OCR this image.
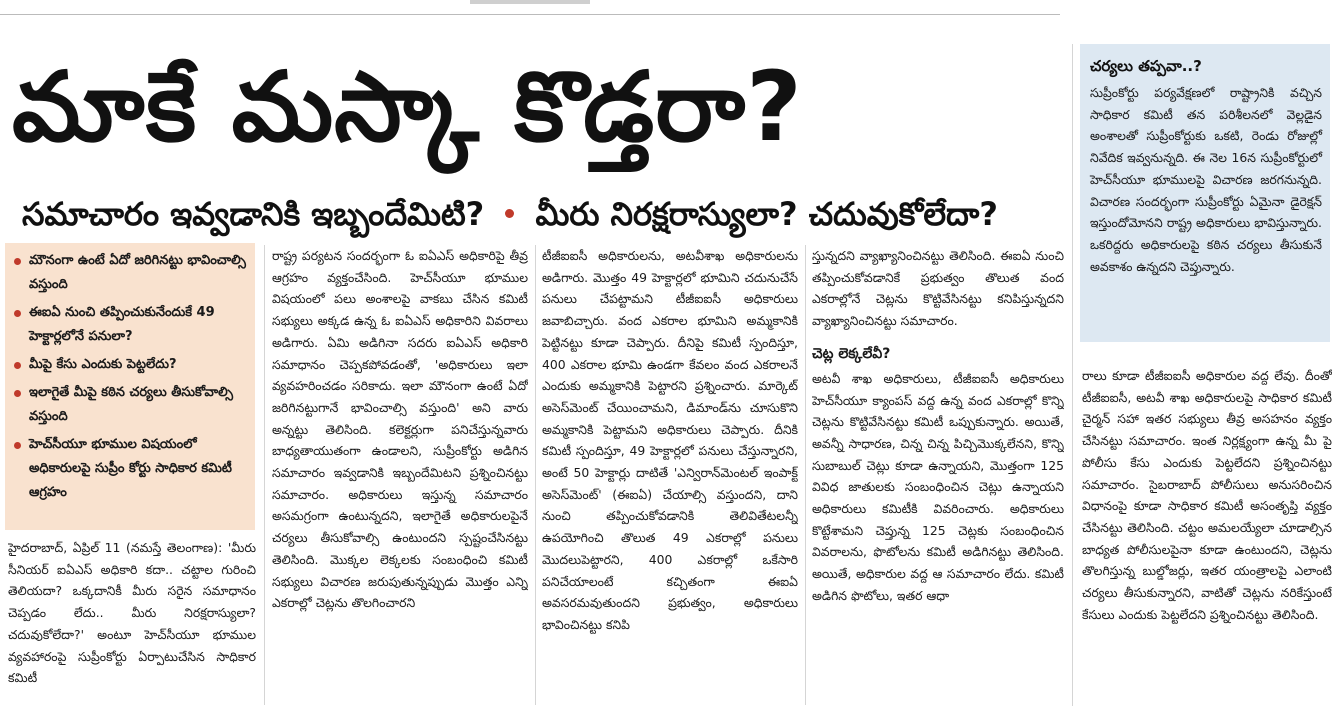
మాకే మస్కా కొడ్తరా?
సమాచారం ఇవ్వడానికి ఇబ్బందేమిటి? మీరు నిరక్షరాస్యులా? చదువుకోలేదా?
మౌనంగా ఉంటే ఏదో జరిగినట్టు భావించాల్సి వస్తుంది
ఈఐఏ నుంచి తప్పించుకునేందుకే 49 హెక్టార్లలోనే పనులా?
మీపై కేసు ఎందుకు పెట్టలేదు?
ఇలాగైతే మీపై కఠిన చర్యలు తీసుకోవాల్సి వస్తుంది
హెచ్‌సీయూ భూముల విషయంలో అధికారులపై సుప్రీం కోర్టు సాధికార కమిటీ ఆగ్రహం

హైదరాబాద్, ఏప్రిల్ 11 (నమస్తే తెలంగాణ): 'మీరు సీనియర్ ఐఏఎస్ అధికారి కదా.. చట్టాల గురించి తెలియదా? ఒక్కదానికీ మీరు సరైన సమాధానం చెప్పడం లేదు.. మీరు నిరక్షరాస్యులా? చదువుకోలేదా?' అంటూ హెచ్‌సీయూ భూముల వ్యవహారంపై సుప్రీంకోర్టు ఏర్పాటుచేసిన సాధికార కమిటీ

రాష్ట్ర పర్యటన సందర్భంగా ఓ ఐఏఎస్ అధికారిపై తీవ్ర ఆగ్రహం వ్యక్తంచేసింది. హెచ్‌సీయూ భూముల విషయంలో పలు అంశాలపై వాకబు చేసిన కమిటీ సభ్యులు అక్కడ ఉన్న ఓ ఐఏఎస్ అధికారిని వివరాలు అడిగారు. ఏమి అడిగినా సదరు ఐఏఎస్ అధికారి సమాధానం చెప్పకపోవడంతో, 'అధికారులు ఇలా వ్యవహరించడం సరికాదు. ఇలా మౌనంగా ఉంటే ఏదో జరిగినట్టుగానే భావించాల్సి వస్తుంది' అని వారు అన్నట్టు తెలిసింది. కలెక్టర్లుగా పనిచేస్తున్నవారు బాధ్యతాయుతంగా ఉండాలని, సుప్రీంకోర్టు అడిగిన సమాచారం ఇవ్వడానికి ఇబ్బందేమిటని ప్రశ్నించినట్టు సమాచారం. అధికారులు ఇస్తున్న సమాచారం అసమగ్రంగా ఉంటున్నదని, ఇలాగైతే అధికారులపైనే చర్యలు తీసుకోవాల్సి ఉంటుందని స్పష్టంచేసినట్టు తెలిసింది. మొక్కల లెక్కలకు సంబంధించి కమిటీ సభ్యులు విచారణ జరుపుతున్నప్పుడు మొత్తం ఎన్ని ఎకరాల్లో చెట్లను తొలగించారని

టీజీఐఐసీ అధికారులను, అటవీశాఖ అధికారులను అడిగారు. మొత్తం 49 హెక్టార్లలో భూమిని చదునుచేసే పనులు చేపట్టామని టీజీఐఐసీ అధికారులు జవాబిచ్చారు. వంద ఎకరాల భూమిని అమ్మకానికి పెట్టినట్టు కూడా చెప్పారు. దీనిపై కమిటీ స్పందిస్తూ, 400 ఎకరాల భూమి ఉండగా కేవలం వంద ఎకరాలనే ఎందుకు అమ్మకానికి పెట్టారని ప్రశ్నించారు. మార్కెట్ అసెస్‌మెంట్ చేయించామని, డిమాండ్‌ను చూసుకొని అమ్మకానికి పెట్టామని అధికారులు చెప్పారు. దీనికి కమిటీ స్పందిస్తూ, 49 హెక్టార్లలో పనులు చేస్తున్నారని, అంటే 50 హెక్టార్లు దాటితే 'ఎన్విరాన్‌మెంటల్ ఇంపాక్ట్ అసెస్‌మెంట్' (ఈఐఏ) చేయాల్సి వస్తుందని, దాని నుంచి తప్పించుకోవడానికి తెలివితేటలన్నీ ఉపయోగించి తొలుత 49 ఎకరాల్లో పనులు మొదలుపెట్టారని, 400 ఎకరాల్లో ఒకేసారి పనిచేయాలంటే కచ్చితంగా ఈఐఏ అవసరమవుతుందని ప్రభుత్వం, అధికారులు భావించినట్టు కనిపి

స్తున్నదని వ్యాఖ్యానించినట్టు తెలిసింది. ఈఐఏ నుంచి తప్పించుకోవడానికే ప్రభుత్వం తొలుత వంద ఎకరాల్లోనే చెట్లను కొట్టివేసినట్టు కనిపిస్తున్నదని వ్యాఖ్యానించినట్టు సమాచారం.

చెట్ల లెక్కలేవీ?

అటవీ శాఖ అధికారులు, టీజీఐఐసీ అధికారులు హెచ్‌సీయూ క్యాంపస్ వద్ద ఉన్న వంద ఎకరాల్లో కొన్ని చెట్లను కొట్టివేసినట్టు కమిటీ ఒప్పుకున్నారు. అయితే, అవన్నీ సాధారణ, చిన్న చిన్న పిచ్చిమొక్కలేనని, కొన్ని సుబాబుల్ చెట్లు కూడా ఉన్నాయని, మొత్తంగా 125 వివిధ జాతులకు సంబంధించిన చెట్లు ఉన్నాయని అధికారులు కమిటీకి వివరించారు. అధికారులు కొట్టేశామని చెప్తున్న 125 చెట్లకు సంబంధించిన వివరాలను, ఫొటోలను కమిటీ అడిగినట్టు తెలిసింది. అయితే, అధికారుల వద్ద ఆ సమాచారం లేదు. కమిటీ అడిగిన ఫొటోలు, ఇతర ఆధా

చర్యలు తప్పవా..?
సుప్రీంకోర్టు పర్యవేక్షణలో రాష్ట్రానికి వచ్చిన సాధికార కమిటీ తన పరిశీలనలో వెల్లడైన అంశాలతో సుప్రీంకోర్టుకు ఒకటి, రెండు రోజుల్లో నివేదిక ఇవ్వనున్నది. ఈ నెల 16న సుప్రీంకోర్టులో హెచ్‌సీయూ భూములపై విచారణ జరగనున్నది. విచారణ సందర్భంగా సుప్రీంకోర్టు ఏమైనా డైరెక్షన్ ఇస్తుందోమోనని రాష్ట్ర అధికారులు భావిస్తున్నారు. ఒకరిద్దరు అధికారులపై కఠిన చర్యలు తీసుకునే అవకాశం ఉన్నదని చెప్తున్నారు.

రాలు కూడా టీజీఐఐసీ అధికారుల వద్ద లేవు. దీంతో టీజీఐఐసీ, అటవీ శాఖ అధికారులపై సాధికార కమిటీ చైర్మన్ సహా ఇతర సభ్యులు తీవ్ర అసహనం వ్యక్తం చేసినట్టు సమాచారం. ఇంత నిర్లక్ష్యంగా ఉన్న మీ పై పోలీసు కేసు ఎందుకు పెట్టలేదని ప్రశ్నించినట్టు సమాచారం. సైబరాబాద్ పోలీసులు అనుసరించిన విధానంపై కూడా సాధికార కమిటీ అసంతృప్తి వ్యక్తం చేసినట్టు తెలిసింది. చట్టం అమలయ్యేలా చూడాల్సిన బాధ్యత పోలీసులపైనా కూడా ఉంటుందని, చెట్లను తొలగిస్తున్న బుల్డోజర్లు, ఇతర యంత్రాలపై ఎలాంటి చర్యలు తీసుకున్నారని, వాటితో చెట్లను నరికేస్తుంటే కేసులు ఎందుకు పెట్టలేదని ప్రశ్నించినట్టు తెలిసింది.
